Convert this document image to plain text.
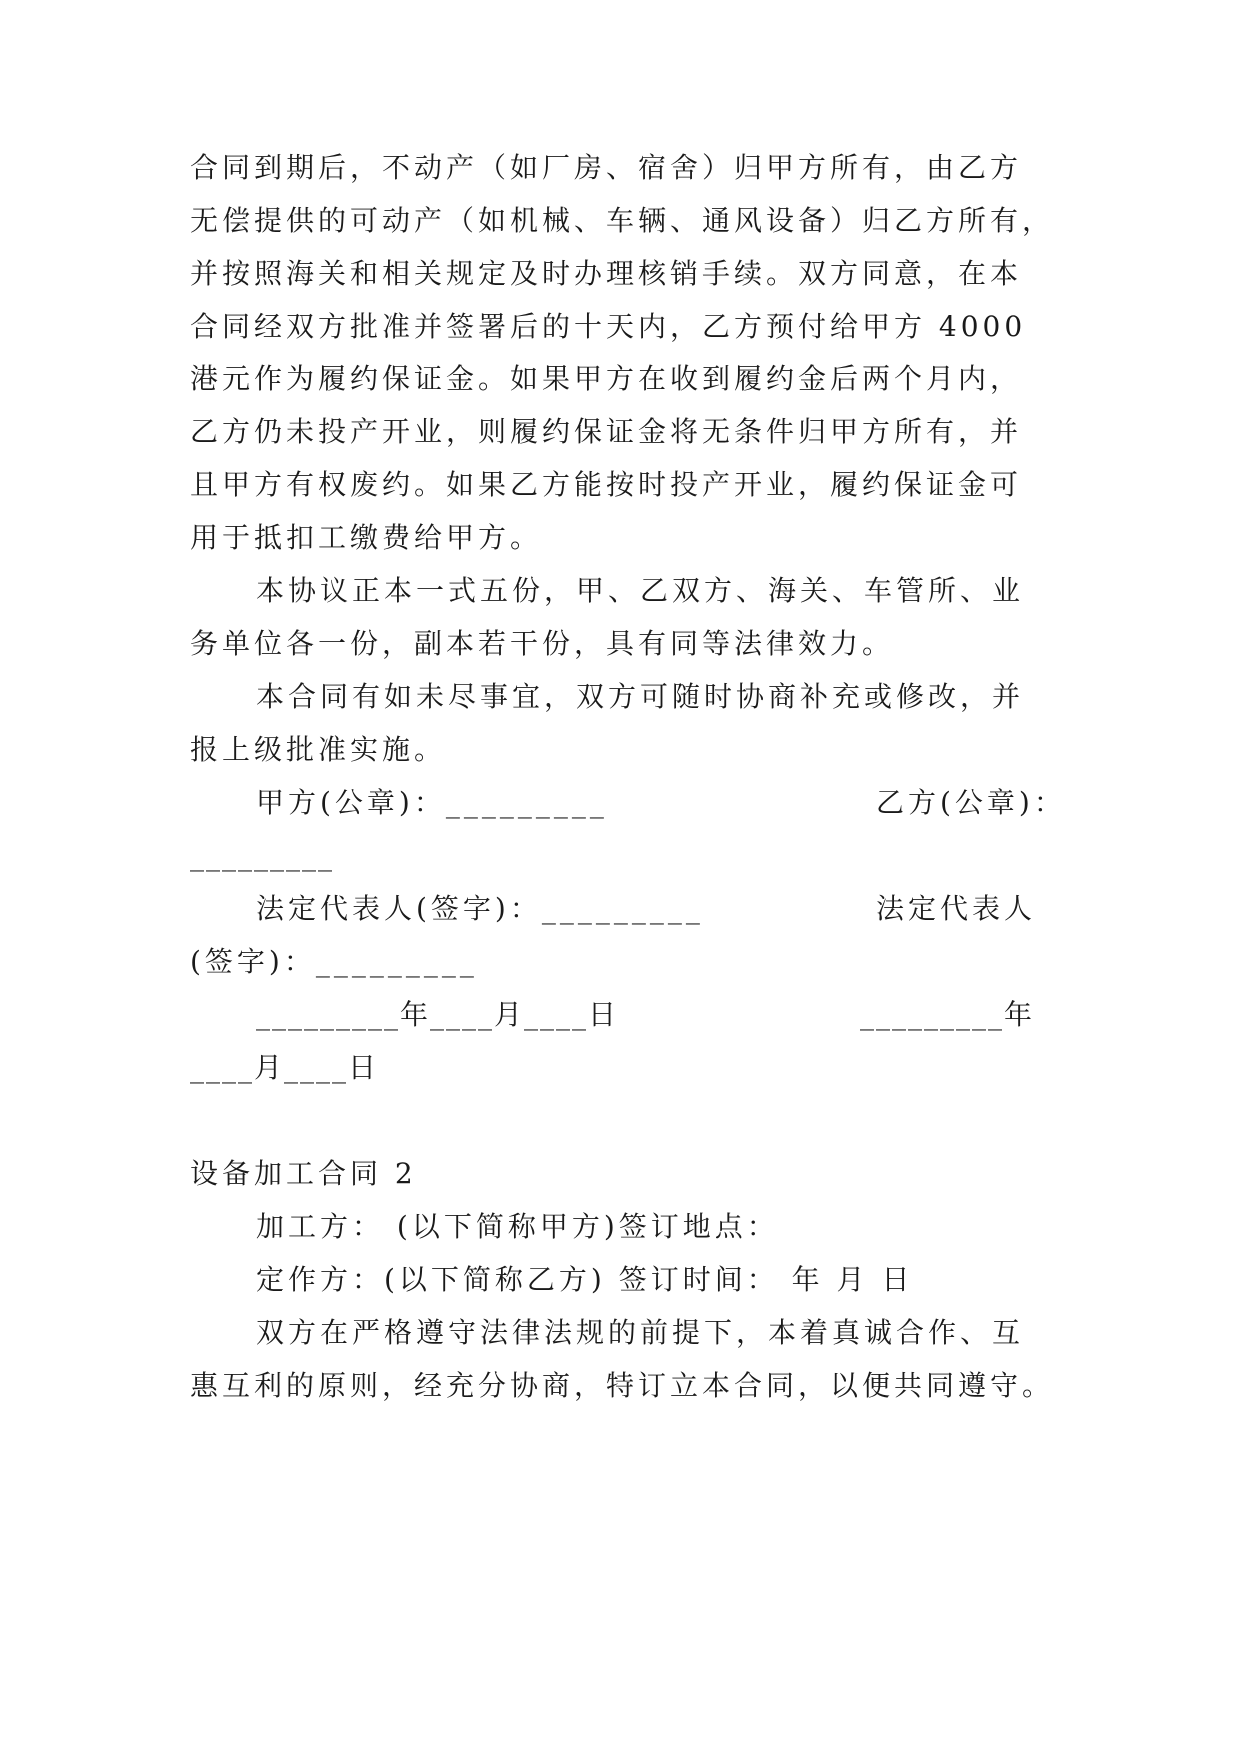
合同到期后，不动产（如厂房、宿舍）归甲方所有，由乙方
无偿提供的可动产（如机械、车辆、通风设备）归乙方所有，
并按照海关和相关规定及时办理核销手续。双方同意，在本
合同经双方批准并签署后的十天内，乙方预付给甲方 4000
港元作为履约保证金。如果甲方在收到履约金后两个月内，
乙方仍未投产开业，则履约保证金将无条件归甲方所有，并
且甲方有权废约。如果乙方能按时投产开业，履约保证金可
用于抵扣工缴费给甲方。
本协议正本一式五份，甲、乙双方、海关、车管所、业
务单位各一份，副本若干份，具有同等法律效力。
本合同有如未尽事宜，双方可随时协商补充或修改，并
报上级批准实施。
甲方(公章)：_________	乙方(公章)：
_________
法定代表人(签字)：_________	法定代表人
(签字)：_________
_________年____月____日	_________年
____月____日
设备加工合同 2
加工方： (以下简称甲方)签订地点：
定作方：(以下简称乙方) 签订时间： 年 月 日
双方在严格遵守法律法规的前提下，本着真诚合作、互
惠互利的原则，经充分协商，特订立本合同，以便共同遵守。
